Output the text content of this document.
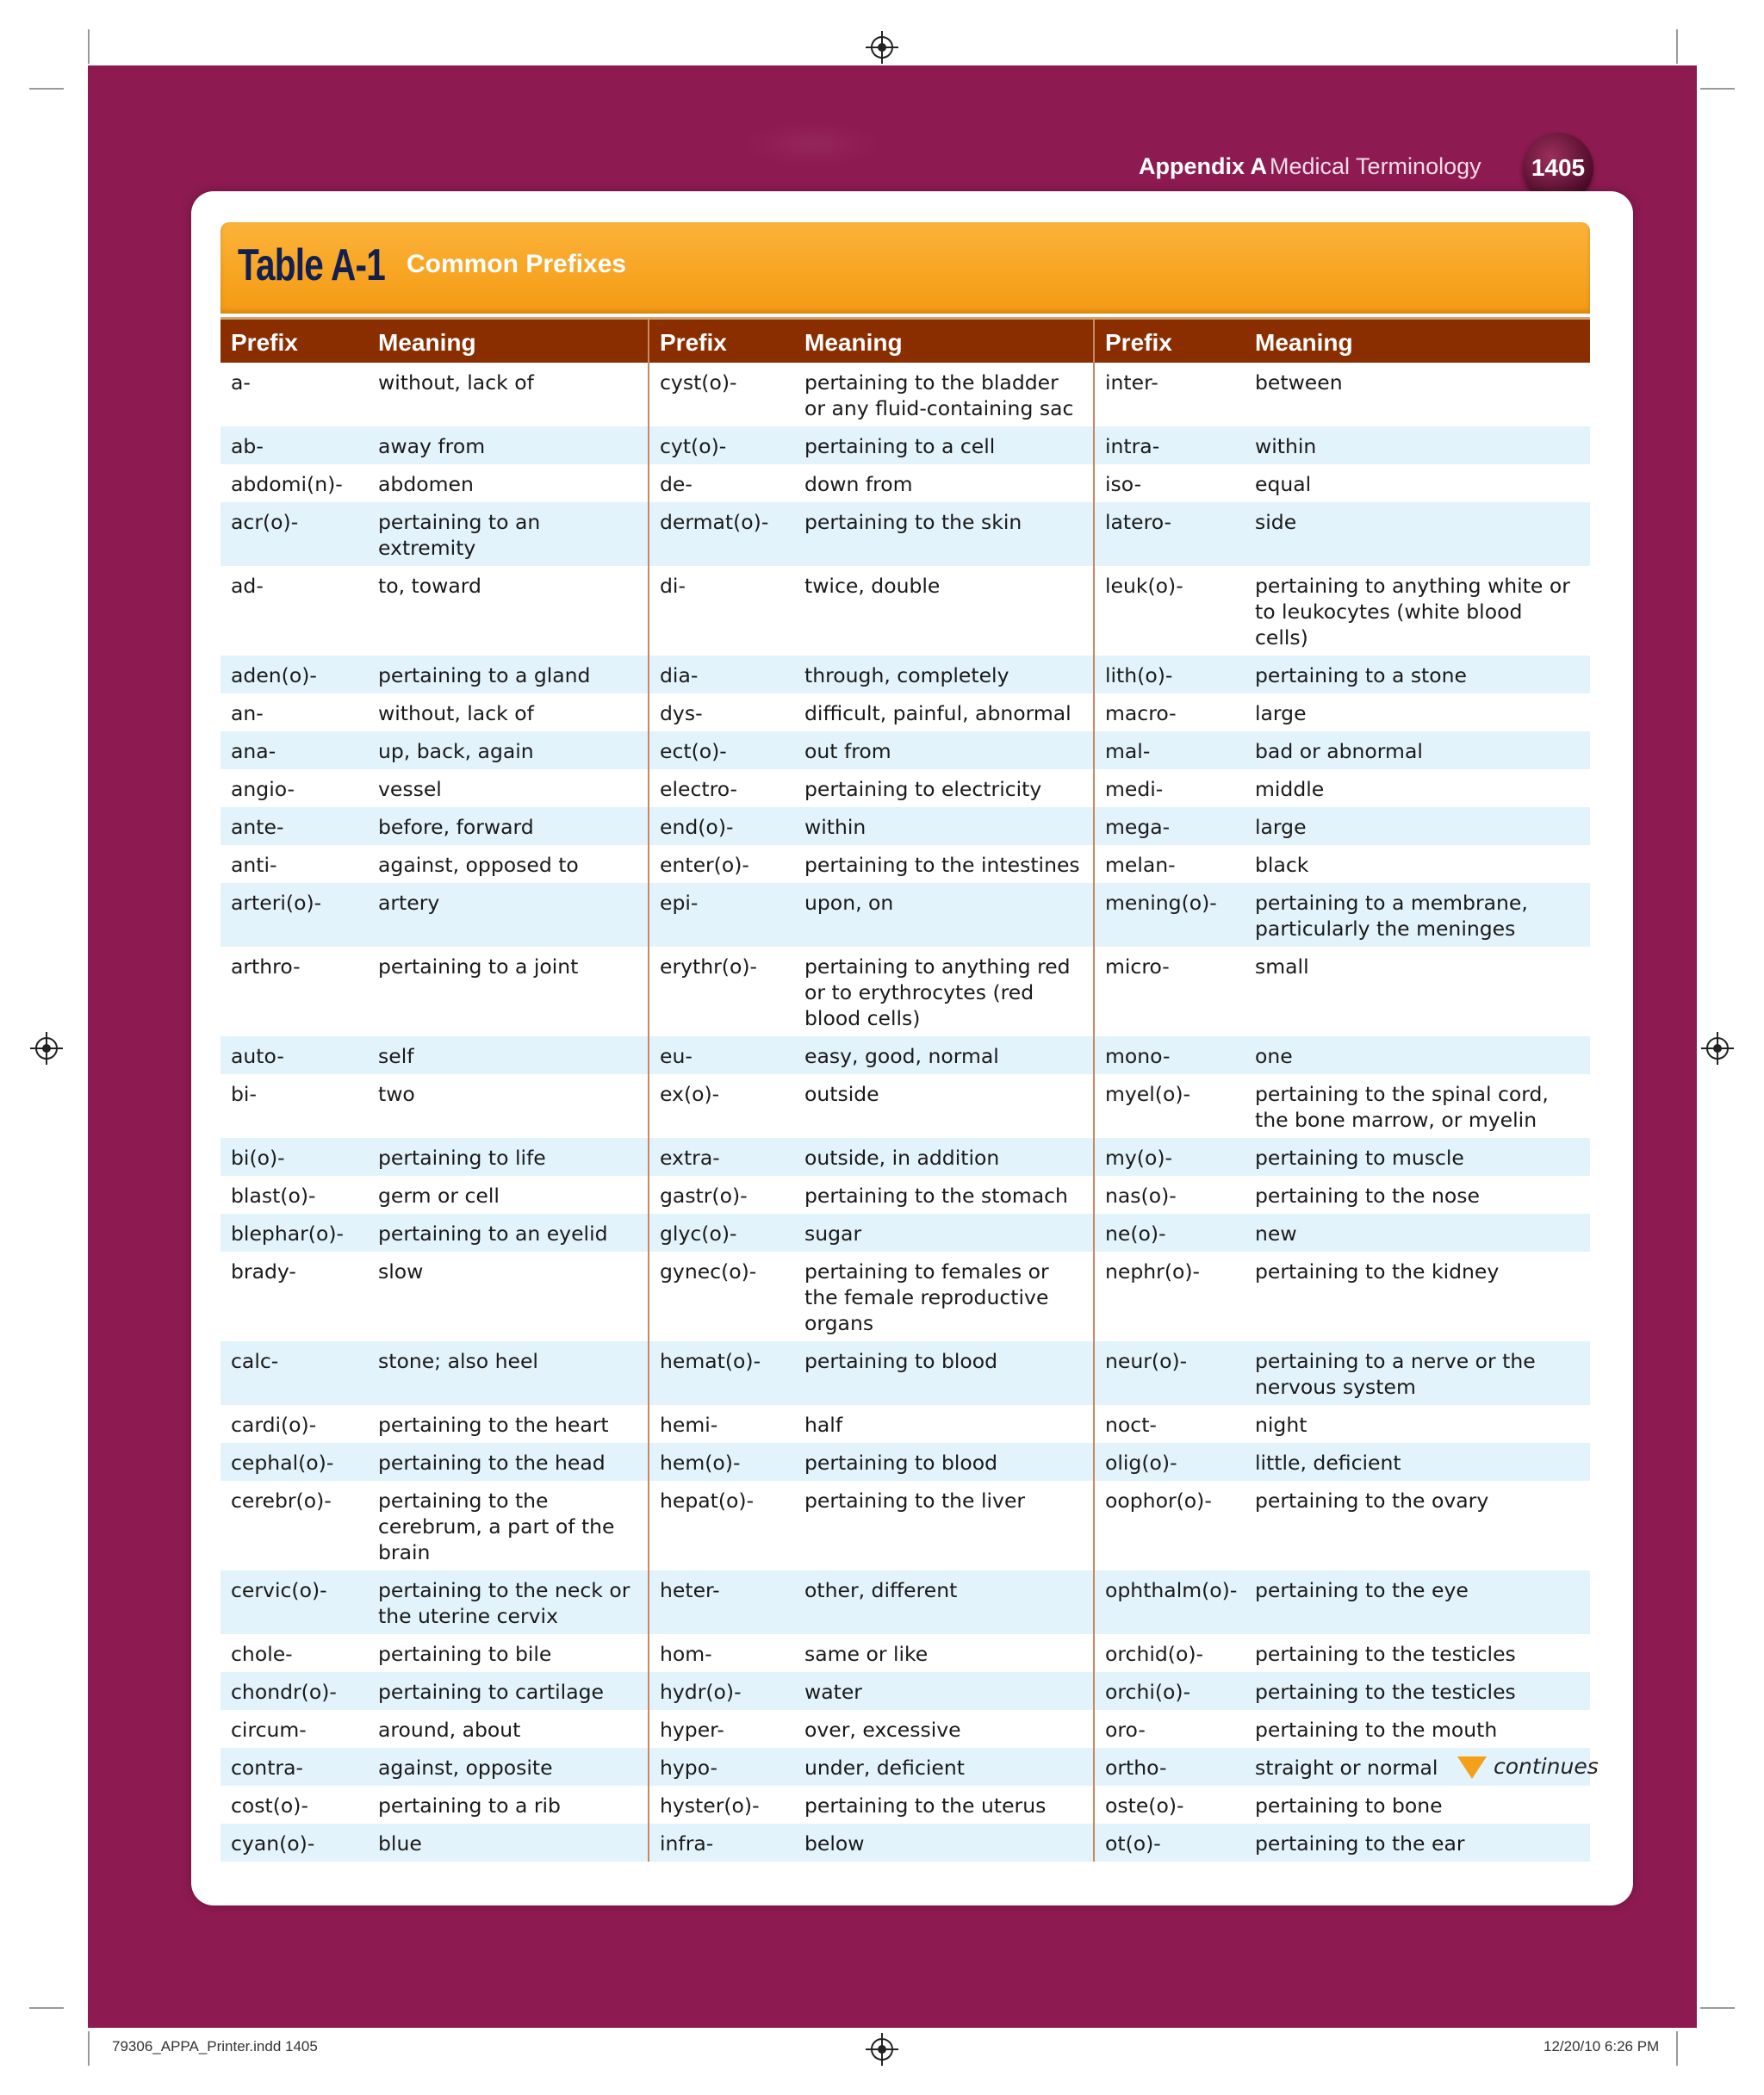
Appendix A Medical Terminology	1405
Table A-1 Common Prefixes
Prefix	Meaning	Prefix	Meaning	Prefix	Meaning
a-	without, lack of	cyst(o)-	pertaining to the bladder or any fluid-containing sac	inter-	between
ab-	away from	cyt(o)-	pertaining to a cell	intra-	within
abdomi(n)-	abdomen	de-	down from	iso-	equal
acr(o)-	pertaining to an extremity	dermat(o)-	pertaining to the skin	latero-	side
ad-	to, toward	di-	twice, double	leuk(o)-	pertaining to anything white or to leukocytes (white blood cells)
aden(o)-	pertaining to a gland	dia-	through, completely	lith(o)-	pertaining to a stone
an-	without, lack of	dys-	difficult, painful, abnormal	macro-	large
ana-	up, back, again	ect(o)-	out from	mal-	bad or abnormal
angio-	vessel	electro-	pertaining to electricity	medi-	middle
ante-	before, forward	end(o)-	within	mega-	large
anti-	against, opposed to	enter(o)-	pertaining to the intestines	melan-	black
arteri(o)-	artery	epi-	upon, on	mening(o)-	pertaining to a membrane, particularly the meninges
arthro-	pertaining to a joint	erythr(o)-	pertaining to anything red or to erythrocytes (red blood cells)	micro-	small
auto-	self	eu-	easy, good, normal	mono-	one
bi-	two	ex(o)-	outside	myel(o)-	pertaining to the spinal cord, the bone marrow, or myelin
bi(o)-	pertaining to life	extra-	outside, in addition	my(o)-	pertaining to muscle
blast(o)-	germ or cell	gastr(o)-	pertaining to the stomach	nas(o)-	pertaining to the nose
blephar(o)-	pertaining to an eyelid	glyc(o)-	sugar	ne(o)-	new
brady-	slow	gynec(o)-	pertaining to females or the female reproductive organs	nephr(o)-	pertaining to the kidney
calc-	stone; also heel	hemat(o)-	pertaining to blood	neur(o)-	pertaining to a nerve or the nervous system
cardi(o)-	pertaining to the heart	hemi-	half	noct-	night
cephal(o)-	pertaining to the head	hem(o)-	pertaining to blood	olig(o)-	little, deficient
cerebr(o)-	pertaining to the cerebrum, a part of the brain	hepat(o)-	pertaining to the liver	oophor(o)-	pertaining to the ovary
cervic(o)-	pertaining to the neck or the uterine cervix	heter-	other, different	ophthalm(o)-	pertaining to the eye
chole-	pertaining to bile	hom-	same or like	orchid(o)-	pertaining to the testicles
chondr(o)-	pertaining to cartilage	hydr(o)-	water	orchi(o)-	pertaining to the testicles
circum-	around, about	hyper-	over, excessive	oro-	pertaining to the mouth
contra-	against, opposite	hypo-	under, deficient	ortho-	straight or normal
cost(o)-	pertaining to a rib	hyster(o)-	pertaining to the uterus	oste(o)-	pertaining to bone
cyan(o)-	blue	infra-	below	ot(o)-	pertaining to the ear
continues
79306_APPA_Printer.indd 1405	12/20/10 6:26 PM
